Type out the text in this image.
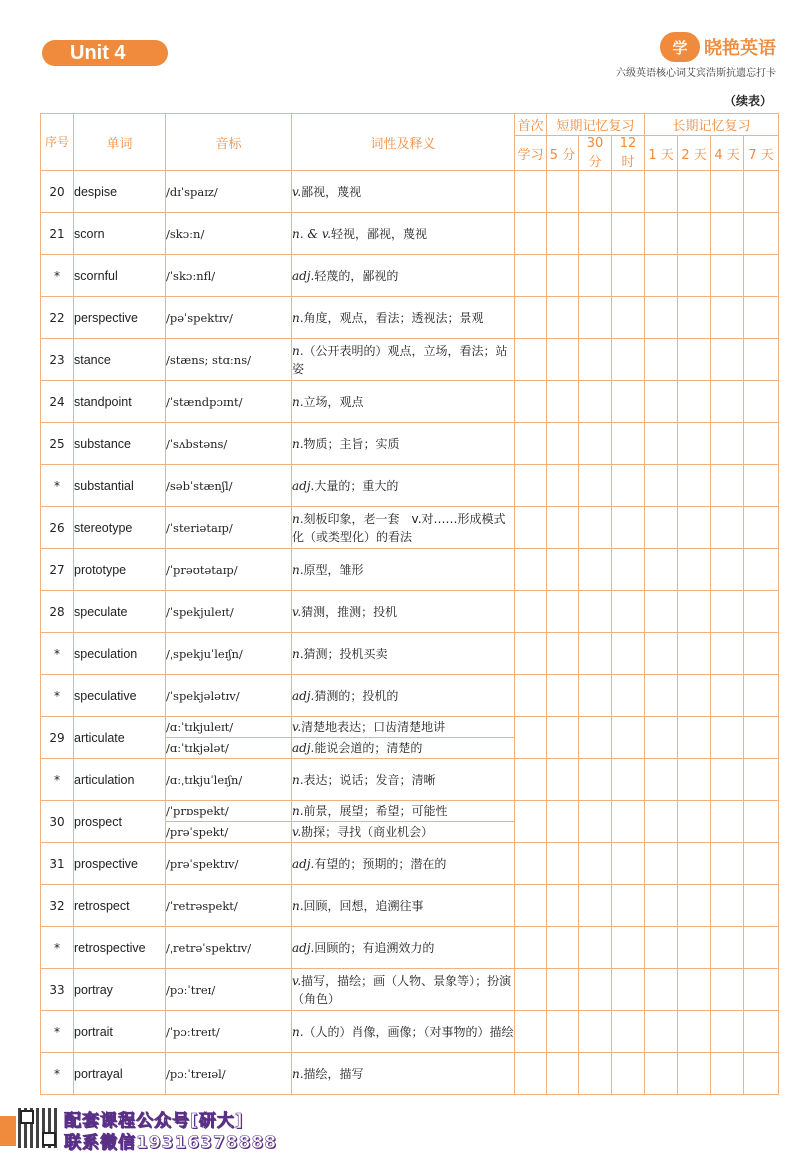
Unit 4	学 晓艳英语
六级英语核心词艾宾浩斯抗遗忘打卡
（续表）
序号	单词	音标	词性及释义	首次	短期记忆复习			长期记忆复习			
				学习	5 分	30 分	12 时	1 天	2 天	4 天	7 天
20	despise	/dɪˈspaɪz/	v.鄙视，蔑视								
21	scorn	/skɔːn/	n. & v.轻视，鄙视，蔑视								
*	scornful	/ˈskɔːnfl/	adj.轻蔑的，鄙视的								
22	perspective	/pəˈspektɪv/	n.角度，观点，看法；透视法；景观								
23	stance	/stæns; stɑːns/	n.（公开表明的）观点，立场，看法；站姿								
24	standpoint	/ˈstændpɔɪnt/	n.立场，观点								
25	substance	/ˈsʌbstəns/	n.物质；主旨；实质								
*	substantial	/səbˈstænʃl/	adj.大量的；重大的								
26	stereotype	/ˈsteriətaɪp/	n.刻板印象，老一套　v.对……形成模式化（或类型化）的看法								
27	prototype	/ˈprəʊtətaɪp/	n.原型，雏形								
28	speculate	/ˈspekjuleɪt/	v.猜测，推测；投机								
*	speculation	/ˌspekjuˈleɪʃn/	n.猜测；投机买卖								
*	speculative	/ˈspekjələtɪv/	adj.猜测的；投机的								
29	articulate	/ɑːˈtɪkjuleɪt/	v.清楚地表达；口齿清楚地讲								
		/ɑːˈtɪkjələt/	adj.能说会道的；清楚的								
*	articulation	/ɑːˌtɪkjuˈleɪʃn/	n.表达；说话；发音；清晰								
30	prospect	/ˈprɒspekt/	n.前景，展望；希望；可能性								
		/prəˈspekt/	v.勘探；寻找（商业机会）								
31	prospective	/prəˈspektɪv/	adj.有望的；预期的；潜在的								
32	retrospect	/ˈretrəspekt/	n.回顾，回想，追溯往事								
*	retrospective	/ˌretrəˈspektɪv/	adj.回顾的；有追溯效力的								
33	portray	/pɔːˈtreɪ/	v.描写，描绘；画（人物、景象等）；扮演（角色）								
*	portrait	/ˈpɔːtreɪt/	n.（人的）肖像，画像；（对事物的）描绘								
*	portrayal	/pɔːˈtreɪəl/	n.描绘，描写								
配套课程公众号[研大]
联系微信19316378888
